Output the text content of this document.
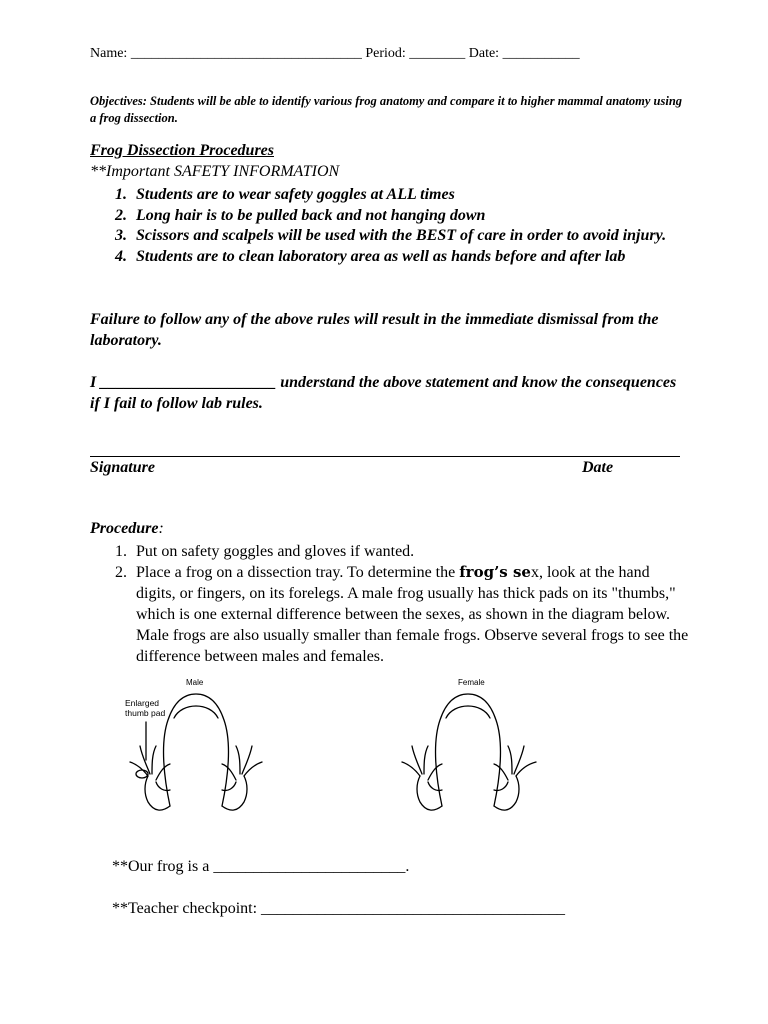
Name: _________________________________ Period: ________ Date: ___________
Objectives: Students will be able to identify various frog anatomy and compare it to higher mammal anatomy using a frog dissection.
Frog Dissection Procedures
**Important SAFETY INFORMATION
1. Students are to wear safety goggles at ALL times
2. Long hair is to be pulled back and not hanging down
3. Scissors and scalpels will be used with the BEST of care in order to avoid injury.
4. Students are to clean laboratory area as well as hands before and after lab
Failure to follow any of the above rules will result in the immediate dismissal from the laboratory.
I ______________________ understand the above statement and know the consequences if I fail to follow lab rules.
Signature	Date
Procedure:
1. Put on safety goggles and gloves if wanted.
2. Place a frog on a dissection tray. To determine the frog’s sex, look at the hand digits, or fingers, on its forelegs. A male frog usually has thick pads on its "thumbs," which is one external difference between the sexes, as shown in the diagram below. Male frogs are also usually smaller than female frogs. Observe several frogs to see the difference between males and females.
Male	Female
Enlarged thumb pad
**Our frog is a ________________________.
**Teacher checkpoint: ______________________________________
